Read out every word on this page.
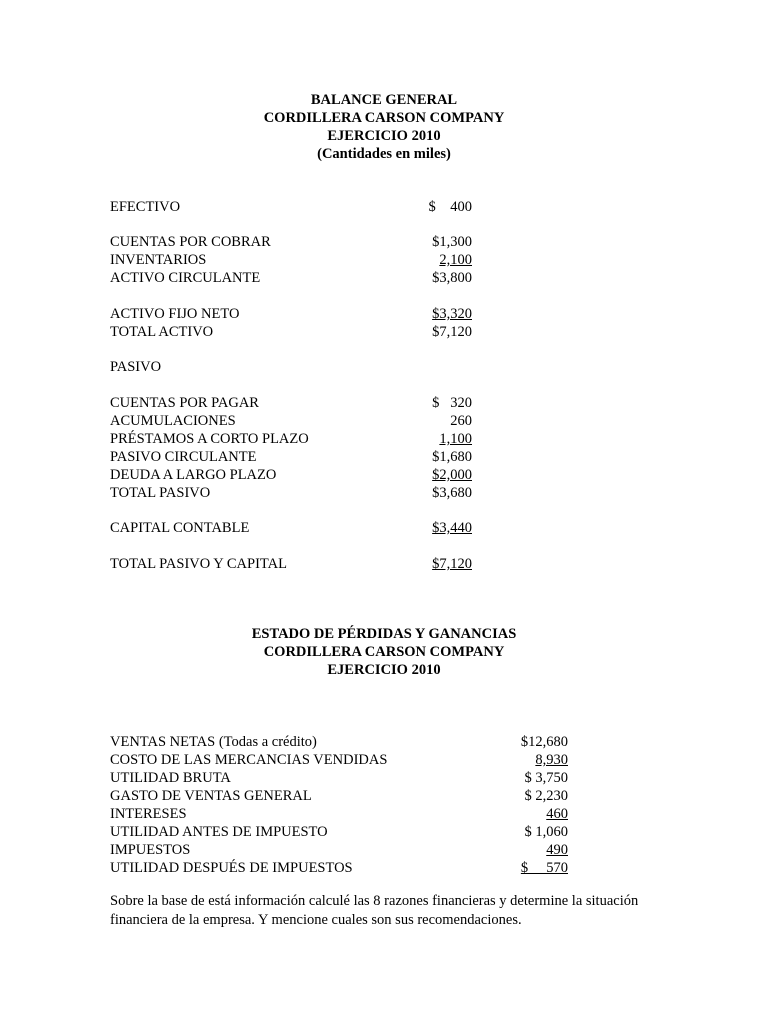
BALANCE GENERAL
CORDILLERA CARSON COMPANY
EJERCICIO 2010
(Cantidades en miles)
EFECTIVO	$    400
CUENTAS POR COBRAR	$1,300
INVENTARIOS	2,100
ACTIVO CIRCULANTE	$3,800
ACTIVO FIJO NETO	$3,320
TOTAL ACTIVO	$7,120
PASIVO
CUENTAS POR PAGAR	$   320
ACUMULACIONES	260
PRÉSTAMOS A CORTO PLAZO	1,100
PASIVO CIRCULANTE	$1,680
DEUDA A LARGO PLAZO	$2,000
TOTAL PASIVO	$3,680
CAPITAL CONTABLE	$3,440
TOTAL PASIVO Y CAPITAL	$7,120
ESTADO DE PÉRDIDAS Y GANANCIAS
CORDILLERA CARSON COMPANY
EJERCICIO 2010
VENTAS NETAS (Todas a crédito)	$12,680
COSTO DE LAS MERCANCIAS VENDIDAS	8,930
UTILIDAD BRUTA	$ 3,750
GASTO DE VENTAS GENERAL	$ 2,230
INTERESES	460
UTILIDAD ANTES DE IMPUESTO	$ 1,060
IMPUESTOS	490
UTILIDAD DESPUÉS DE IMPUESTOS	$     570
Sobre la base de está información calculé las 8 razones financieras y determine la situación financiera de la empresa. Y mencione cuales son sus recomendaciones.
